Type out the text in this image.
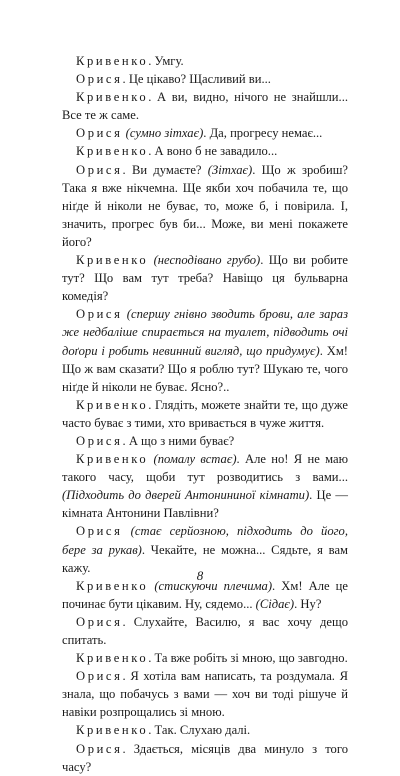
Кривенко. Умгу.

Орися. Це цікаво? Щасливий ви...

Кривенко. А ви, видно, нічого не знайшли... Все те ж саме.

Орися (сумно зітхає). Да, прогресу немає...

Кривенко. А воно б не завадило...

Орися. Ви думаєте? (Зітхає). Що ж зробиш? Така я вже нікчемна. Ще якби хоч побачила те, що ніґде й ніколи не буває, то, може б, і повірила. І, значить, прогрес був би... Може, ви мені покажете його?

Кривенко (несподівано грубо). Що ви робите тут? Що вам тут треба? Навіщо ця бульварна комедія?

Орися (спершу гнівно зводить брови, але зараз же недбаліше спирається на туалет, підводить очі доґори і робить невинний вигляд, що придумує). Хм! Що ж вам сказати? Що я роблю тут? Шукаю те, чого ніґде й ніколи не буває. Ясно?..

Кривенко. Глядіть, можете знайти те, що дуже часто буває з тими, хто вривається в чуже життя.

Орися. А що з ними буває?

Кривенко (помалу встає). Але но! Я не маю такого часу, щоби тут розводитись з вами... (Підходить до дверей Антонининої кімнати). Це — кімната Антонини Павлівни?

Орися (стає серйозною, підходить до його, бере за рукав). Чекайте, не можна... Сядьте, я вам кажу.

Кривенко (стискуючи плечима). Хм! Але це починає бути цікавим. Ну, сядемо... (Сідає). Ну?

Орися. Слухайте, Василю, я вас хочу дещо спитать.

Кривенко. Та вже робіть зі мною, що завгодно.

Орися. Я хотіла вам написать, та роздумала. Я знала, що побачусь з вами — хоч ви тоді рішуче й навіки розпрощались зі мною.

Кривенко. Так. Слухаю далі.

Орися. Здається, місяців два минуло з того часу?

8
